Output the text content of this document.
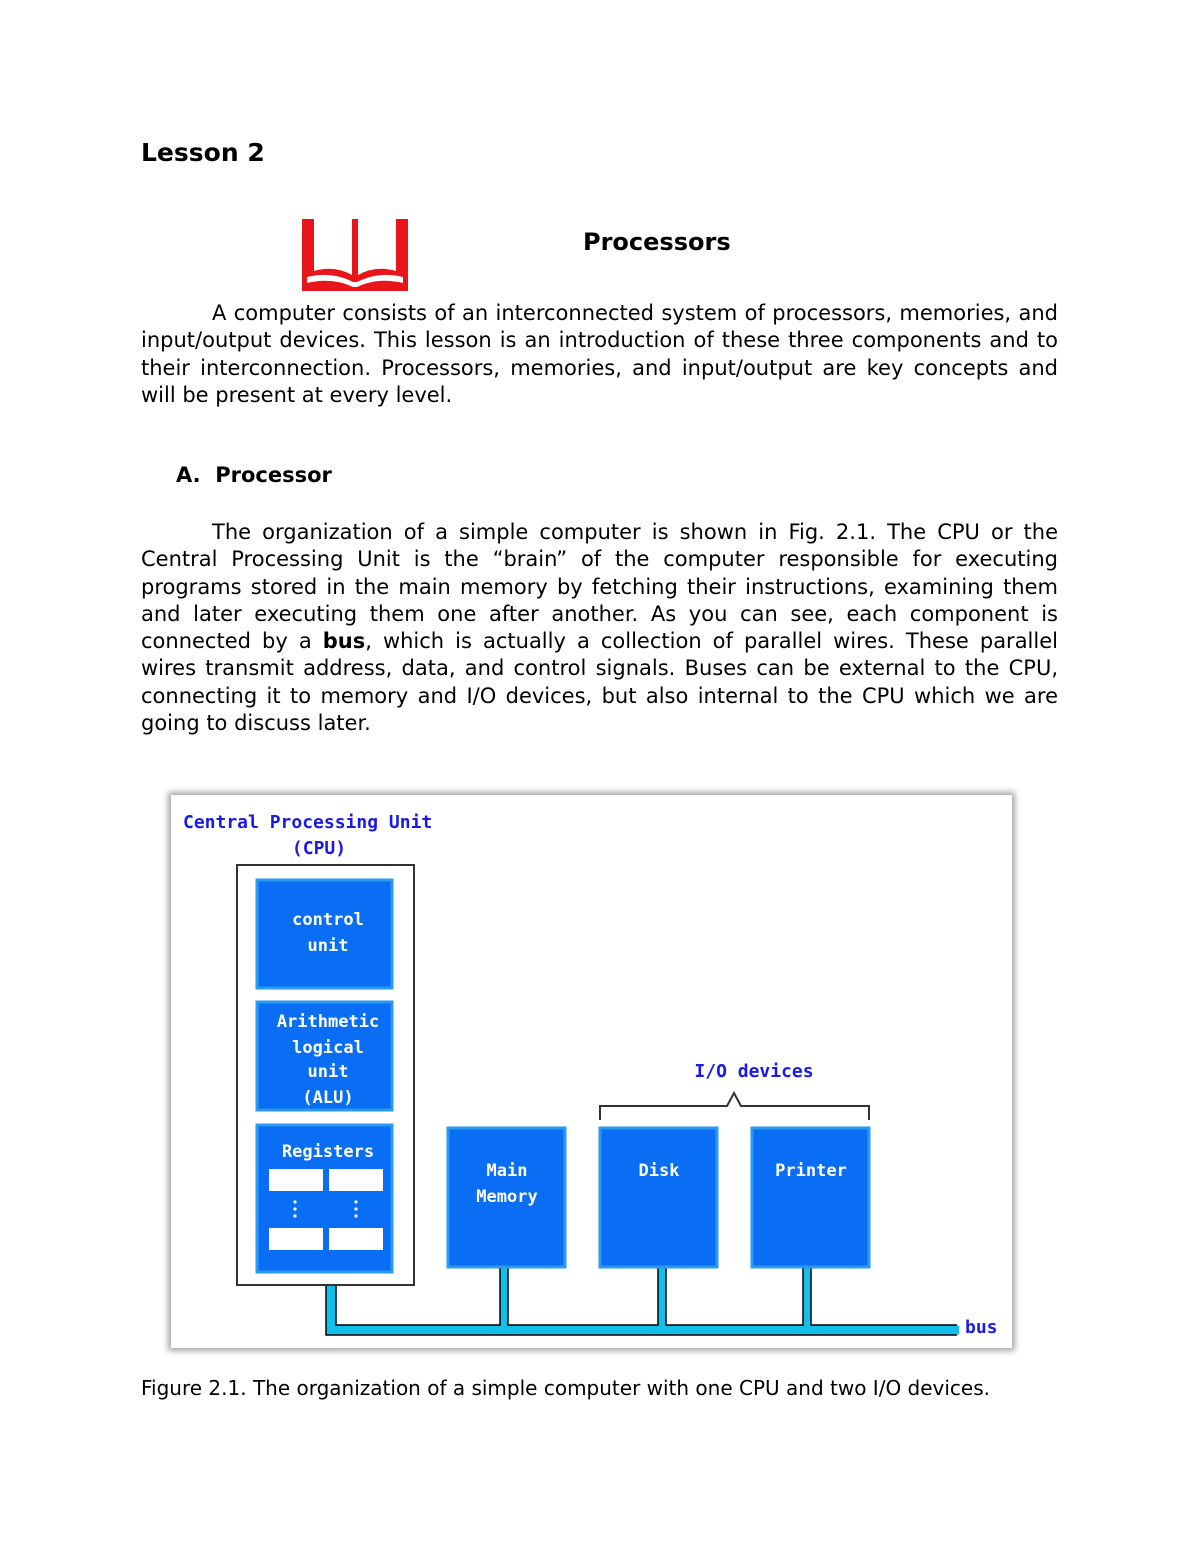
Lesson 2
Processors

A computer consists of an interconnected system of processors, memories, and input/output devices. This lesson is an introduction of these three components and to their interconnection. Processors, memories, and input/output are key concepts and will be present at every level.

A. Processor

The organization of a simple computer is shown in Fig. 2.1. The CPU or the Central Processing Unit is the “brain” of the computer responsible for executing programs stored in the main memory by fetching their instructions, examining them and later executing them one after another. As you can see, each component is connected by a bus, which is actually a collection of parallel wires. These parallel wires transmit address, data, and control signals. Buses can be external to the CPU, connecting it to memory and I/O devices, but also internal to the CPU which we are going to discuss later.

Central Processing Unit
(CPU)
bus
control
unit
Arithmetic
logical
unit
(ALU)
Registers
Main
Memory
I/O devices
Disk	Printer

Figure 2.1. The organization of a simple computer with one CPU and two I/O devices.
